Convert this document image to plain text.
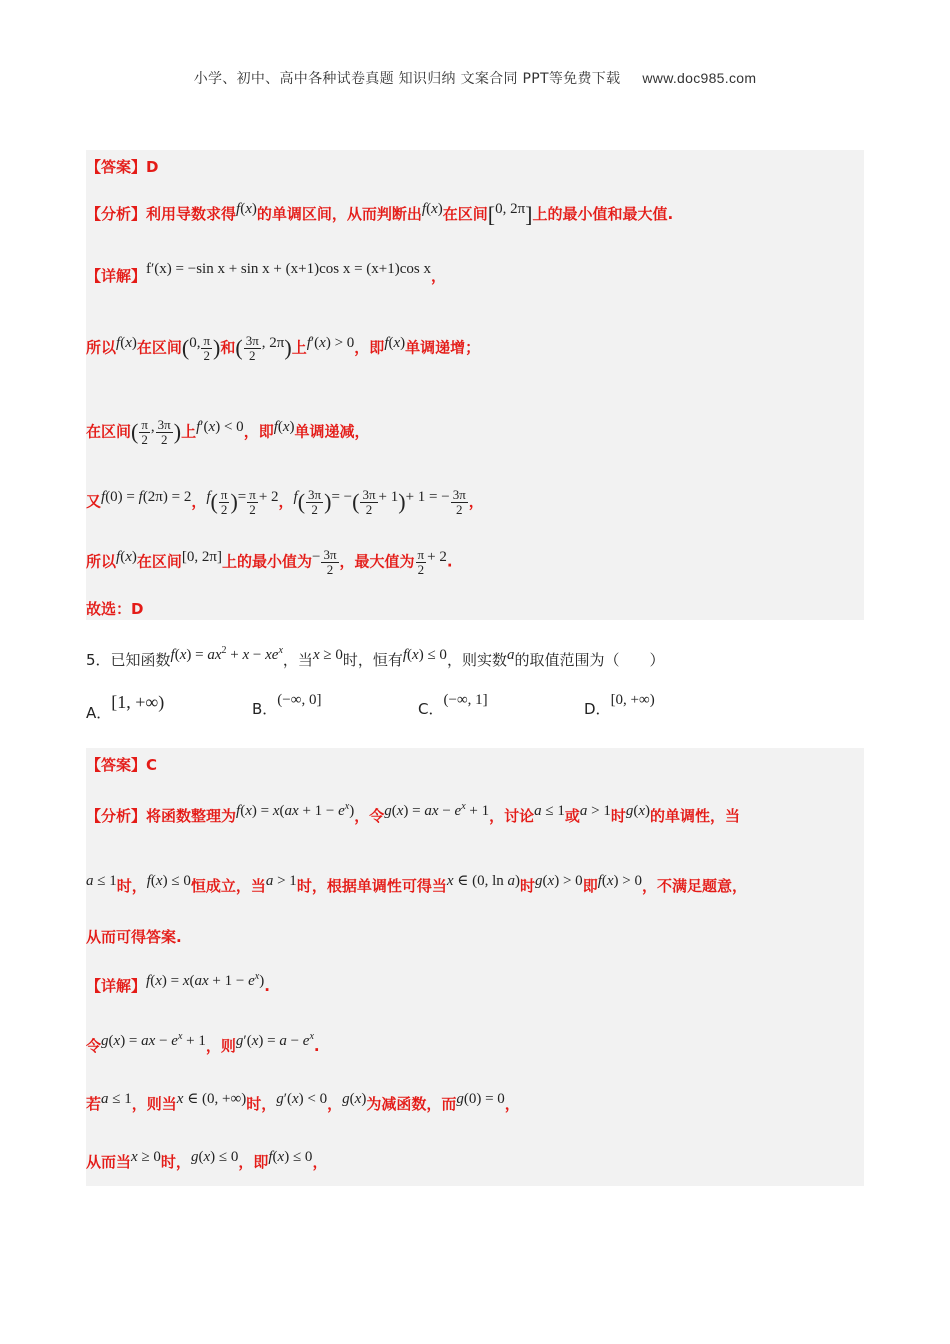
小学、初中、高中各种试卷真题 知识归纳 文案合同 PPT等免费下载 www.doc985.com
【答案】D
【分析】利用导数求得f(x)的单调区间，从而判断出f(x)在区间[0, 2π]上的最小值和最大值.
【详解】f′(x) = −sin x + sin x + (x+1)cos x = (x+1)cos x，
所以f(x)在区间(0, $\frac{\pi}{2}$ )和( $\frac{3\pi}{2}$ , 2π)上f′(x) > 0，即f(x)单调递增；
在区间( $\frac{\pi}{2}$ , $\frac{3\pi}{2}$ )上f′(x) < 0，即f(x)单调递减，
又f(0) = f(2π) = 2，$f( \frac{\pi}{2}$ )= $\frac{\pi}{2} + 2$，$f( \frac{3\pi}{2}$ )= −( $\frac{3\pi}{2} + 1)+ 1$ = − $\frac{3\pi}{2}$ ，
所以f(x)在区间[0, 2π]上的最小值为− $\frac{3\pi}{2}$ ，最大值为 $\frac{\pi}{2} + 2$.
故选：D
5．已知函数$f(x) = ax^2 + x - xe^x$，当x ≥ 0时，恒有f(x) ≤ 0，则实数a的取值范围为（　　）
A．[1, +∞)	B．(−∞, 0]	C．(−∞, 1]	D．[0, +∞)
【答案】C
【分析】将函数整理为$f(x) = x(ax + 1 - e^x)$，令g(x) = ax − $e^x + 1$，讨论a ≤ 1或a > 1时g(x)的单调性，当
a ≤ 1时，f(x) ≤ 0恒成立，当a > 1时，根据单调性可得当x ∈ (0, ln a)时g(x) > 0即f(x) > 0，不满足题意，
从而可得答案.
【详解】$f(x) = x(ax + 1 - e^x)$.
令g(x) = ax − $e^x + 1$，则$g'(x) = a - e^x$.
若a ≤ 1，则当x ∈ (0, +∞)时，g′(x) < 0，g(x)为减函数，而g(0) = 0，
从而当x ≥ 0时，g(x) ≤ 0，即f(x) ≤ 0，
